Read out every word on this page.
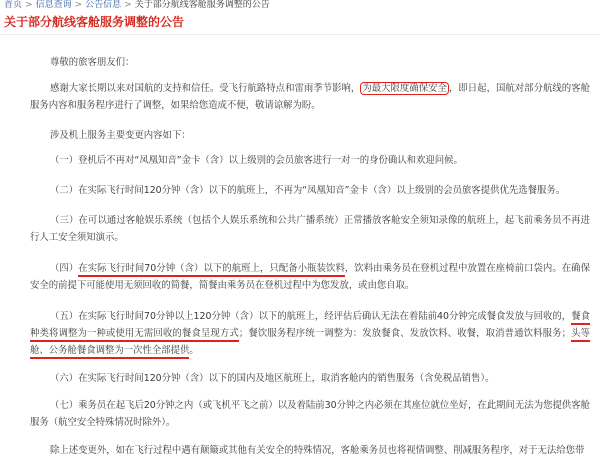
首页 > 信息查询 > 公告信息 > 关于部分航线客舱服务调整的公告
关于部分航线客舱服务调整的公告

尊敬的旅客朋友们：

感谢大家长期以来对国航的支持和信任。受飞行航路特点和雷雨季节影响， 为最大限度确保安全 ，即日起，国航对部分航线的客舱服务内容和服务程序进行了调整，如果给您造成不便，敬请谅解为盼。

涉及机上服务主要变更内容如下：

（一）登机后不再对“凤凰知音”金卡（含）以上级别的会员旅客进行一对一的身份确认和欢迎问候。

（二）在实际飞行时间120分钟（含）以下的航班上，不再为“凤凰知音”金卡（含）以上级别的会员旅客提供优先选餐服务。

（三）在可以通过客舱娱乐系统（包括个人娱乐系统和公共广播系统）正常播放客舱安全须知录像的航班上，起飞前乘务员不再进行人工安全须知演示。

（四）在实际飞行时间70分钟（含）以下的航班上，只配备小瓶装饮料，饮料由乘务员在登机过程中放置在座椅前口袋内。在确保安全的前提下可能使用无须回收的简餐，简餐由乘务员在登机过程中为您发放，或由您自取。

（五）在实际飞行时间70分钟以上120分钟（含）以下的航班上，经评估后确认无法在着陆前40分钟完成餐食发放与回收的，餐食种类将调整为一种或使用无需回收的餐食呈现方式；餐饮服务程序统一调整为：发放餐食、发放饮料、收餐，取消普通饮料服务；头等舱、公务舱餐食调整为一次性全部提供。

（六）在实际飞行时间120分钟（含）以下的国内及地区航班上，取消客舱内的销售服务（含免税品销售）。

（七）乘务员在起飞后20分钟之内（或飞机平飞之前）以及着陆前30分钟之内必须在其座位就位坐好，在此期间无法为您提供客舱服务（航空安全特殊情况时除外）。

除上述变更外，如在飞行过程中遇有颠簸或其他有关安全的特殊情况，客舱乘务员也将视情调整、削减服务程序，对于无法给您带
